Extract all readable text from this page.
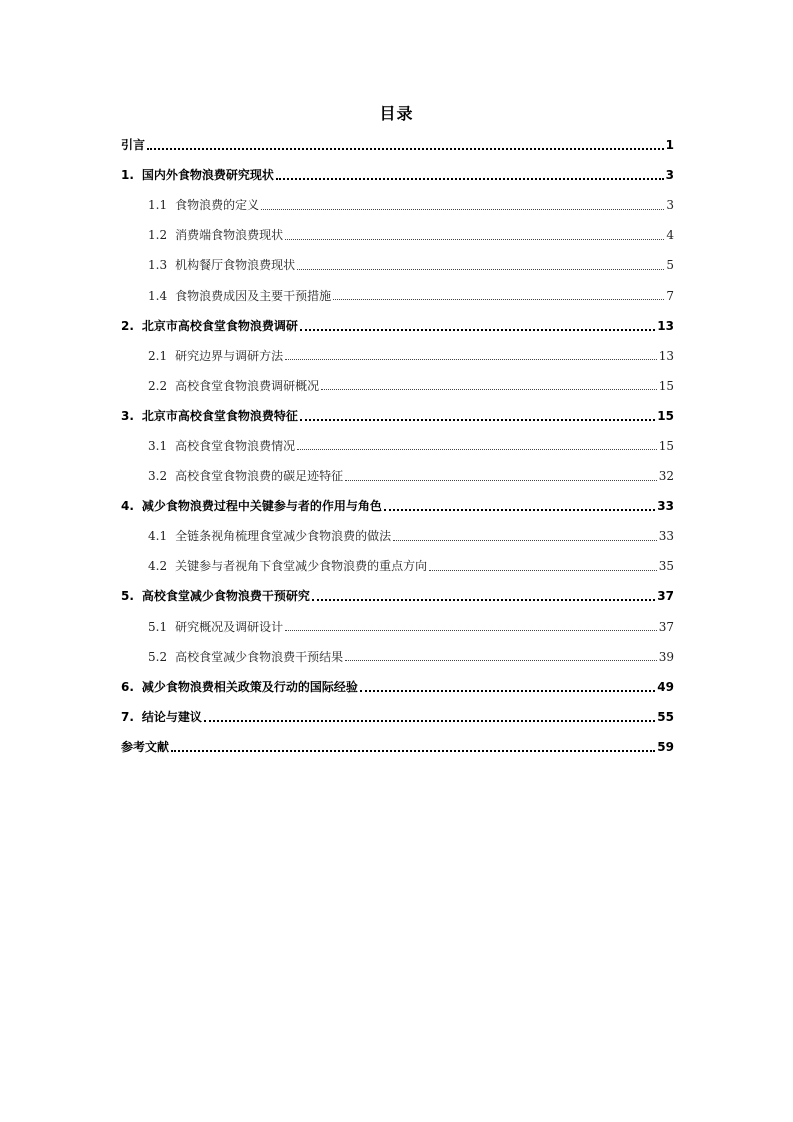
目录
引言	1
1. 国内外食物浪费研究现状	3
1.1 食物浪费的定义	3
1.2 消费端食物浪费现状	4
1.3 机构餐厅食物浪费现状	5
1.4 食物浪费成因及主要干预措施	7
2. 北京市高校食堂食物浪费调研	13
2.1 研究边界与调研方法	13
2.2 高校食堂食物浪费调研概况	15
3. 北京市高校食堂食物浪费特征	15
3.1 高校食堂食物浪费情况	15
3.2 高校食堂食物浪费的碳足迹特征	32
4. 减少食物浪费过程中关键参与者的作用与角色	33
4.1 全链条视角梳理食堂减少食物浪费的做法	33
4.2 关键参与者视角下食堂减少食物浪费的重点方向	35
5. 高校食堂减少食物浪费干预研究	37
5.1 研究概况及调研设计	37
5.2 高校食堂减少食物浪费干预结果	39
6. 减少食物浪费相关政策及行动的国际经验	49
7. 结论与建议	55
参考文献	59
